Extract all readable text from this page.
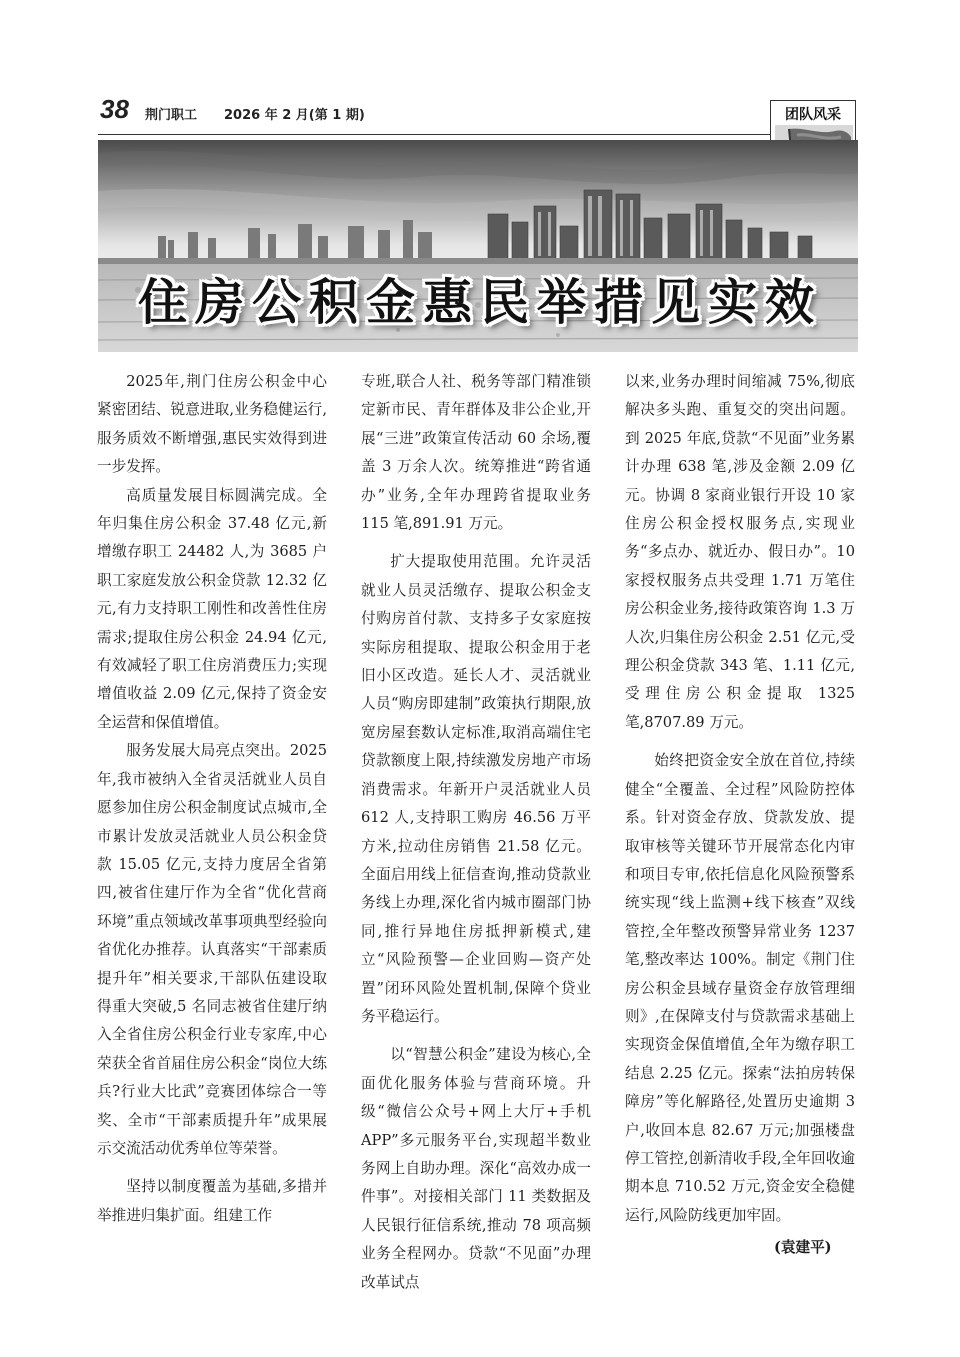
38 荆门职工 2026 年 2 月(第 1 期)	团队风采
住房公积金惠民举措见实效

2025年,荆门住房公积金中心紧密团结、锐意进取,业务稳健运行,服务质效不断增强,惠民实效得到进一步发挥。

高质量发展目标圆满完成。全年归集住房公积金 37.48 亿元,新增缴存职工 24482 人,为 3685 户职工家庭发放公积金贷款 12.32 亿元,有力支持职工刚性和改善性住房需求;提取住房公积金 24.94 亿元,有效减轻了职工住房消费压力;实现增值收益 2.09 亿元,保持了资金安全运营和保值增值。

服务发展大局亮点突出。2025 年,我市被纳入全省灵活就业人员自愿参加住房公积金制度试点城市,全市累计发放灵活就业人员公积金贷款 15.05 亿元,支持力度居全省第四,被省住建厅作为全省“优化营商环境”重点领域改革事项典型经验向省优化办推荐。认真落实“干部素质提升年”相关要求,干部队伍建设取得重大突破,5 名同志被省住建厅纳入全省住房公积金行业专家库,中心荣获全省首届住房公积金“岗位大练兵?行业大比武”竞赛团体综合一等奖、全市“干部素质提升年”成果展示交流活动优秀单位等荣誉。

坚持以制度覆盖为基础,多措并举推进归集扩面。组建工作

专班,联合人社、税务等部门精准锁定新市民、青年群体及非公企业,开展“三进”政策宣传活动 60 余场,覆盖 3 万余人次。统筹推进“跨省通办”业务,全年办理跨省提取业务 115 笔,891.91 万元。

扩大提取使用范围。允许灵活就业人员灵活缴存、提取公积金支付购房首付款、支持多子女家庭按实际房租提取、提取公积金用于老旧小区改造。延长人才、灵活就业人员“购房即建制”政策执行期限,放宽房屋套数认定标准,取消高端住宅贷款额度上限,持续激发房地产市场消费需求。年新开户灵活就业人员 612 人,支持职工购房 46.56 万平方米,拉动住房销售 21.58 亿元。全面启用线上征信查询,推动贷款业务线上办理,深化省内城市圈部门协同,推行异地住房抵押新模式,建立“风险预警—企业回购—资产处置”闭环风险处置机制,保障个贷业务平稳运行。

以“智慧公积金”建设为核心,全面优化服务体验与营商环境。升级“微信公众号+网上大厅+手机 APP”多元服务平台,实现超半数业务网上自助办理。深化“高效办成一件事”。对接相关部门 11 类数据及人民银行征信系统,推动 78 项高频业务全程网办。贷款“不见面”办理改革试点

以来,业务办理时间缩减 75%,彻底解决多头跑、重复交的突出问题。到 2025 年底,贷款“不见面”业务累计办理 638 笔,涉及金额 2.09 亿元。协调 8 家商业银行开设 10 家住房公积金授权服务点,实现业务“多点办、就近办、假日办”。10 家授权服务点共受理 1.71 万笔住房公积金业务,接待政策咨询 1.3 万人次,归集住房公积金 2.51 亿元,受理公积金贷款 343 笔、1.11 亿元,受理住房公积金提取 1325 笔,8707.89 万元。

始终把资金安全放在首位,持续健全“全覆盖、全过程”风险防控体系。针对资金存放、贷款发放、提取审核等关键环节开展常态化内审和项目专审,依托信息化风险预警系统实现“线上监测+线下核查”双线管控,全年整改预警异常业务 1237 笔,整改率达 100%。制定《荆门住房公积金县域存量资金存放管理细则》,在保障支付与贷款需求基础上实现资金保值增值,全年为缴存职工结息 2.25 亿元。探索“法拍房转保障房”等化解路径,处置历史逾期 3 户,收回本息 82.67 万元;加强楼盘停工管控,创新清收手段,全年回收逾期本息 710.52 万元,资金安全稳健运行,风险防线更加牢固。

(袁建平)
